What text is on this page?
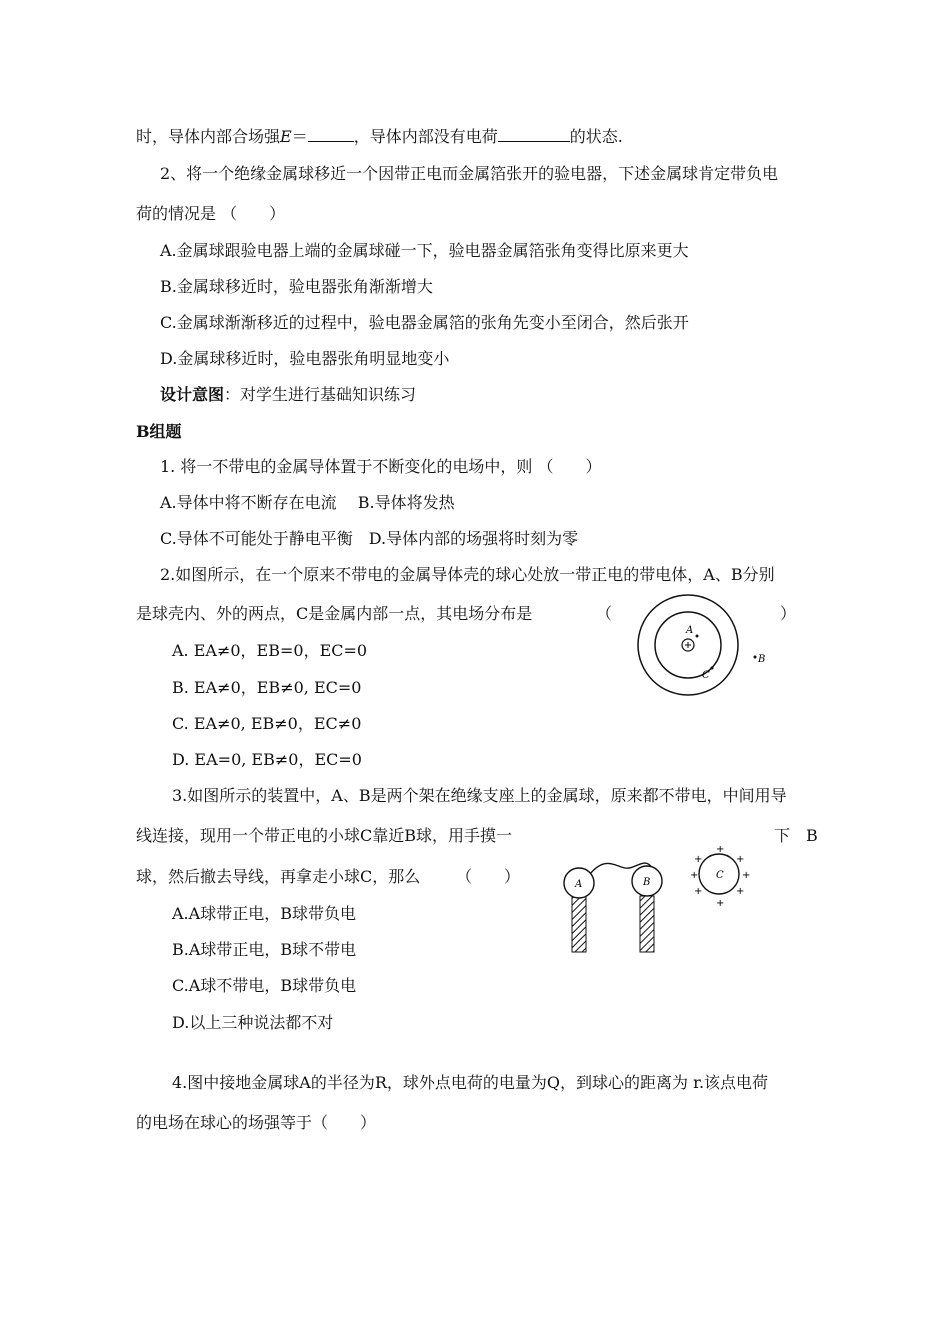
时，导体内部合场强E＝	，导体内部没有电荷	的状态.
2、将一个绝缘金属球移近一个因带正电而金属箔张开的验电器，下述金属球肯定带负电
荷的情况是 （　　）
A.金属球跟验电器上端的金属球碰一下，验电器金属箔张角变得比原来更大
B.金属球移近时，验电器张角渐渐增大
C.金属球渐渐移近的过程中，验电器金属箔的张角先变小至闭合，然后张开
D.金属球移近时，验电器张角明显地变小
设计意图：对学生进行基础知识练习
B组题
1. 将一不带电的金属导体置于不断变化的电场中，则 （　　）
A.导体中将不断存在电流　 B.导体将发热
C.导体不可能处于静电平衡　D.导体内部的场强将时刻为零
2.如图所示，在一个原来不带电的金属导体壳的球心处放一带正电的带电体，A、B分别
是球壳内、外的两点，C是金属内部一点，其电场分布是	（	）
A. EA≠0，EB=0，EC=0
B. EA≠0，EB≠0, EC=0
C. EA≠0, EB≠0，EC≠0
D. EA=0, EB≠0，EC=0
A
C
B
3.如图所示的装置中，A、B是两个架在绝缘支座上的金属球，原来都不带电，中间用导
线连接，现用一个带正电的小球C靠近B球，用手摸一	下　B
球，然后撤去导线，再拿走小球C，那么 （　　）
A.A球带正电，B球带负电
B.A球带正电，B球不带电
C.A球不带电，B球带负电
D.以上三种说法都不对
A	B
C
+
+
+
+
+
+
+
+
4.图中接地金属球A的半径为R，球外点电荷的电量为Q，到球心的距离为 r.该点电荷
的电场在球心的场强等于（　　）
